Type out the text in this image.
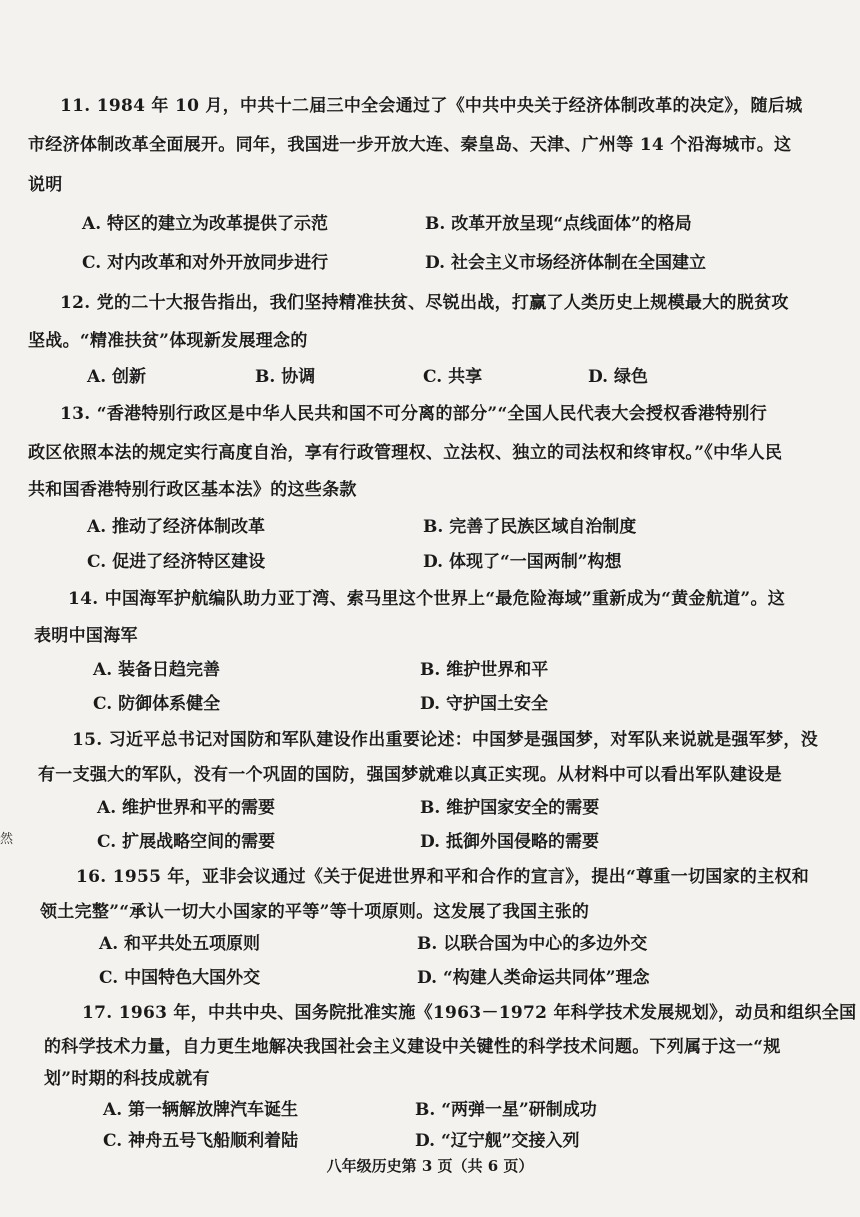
11. 1984 年 10 月，中共十二届三中全会通过了《中共中央关于经济体制改革的决定》，随后城
市经济体制改革全面展开。同年，我国进一步开放大连、秦皇岛、天津、广州等 14 个沿海城市。这
说明
A. 特区的建立为改革提供了示范	B. 改革开放呈现“点线面体”的格局
C. 对内改革和对外开放同步进行	D. 社会主义市场经济体制在全国建立
12. 党的二十大报告指出，我们坚持精准扶贫、尽锐出战，打赢了人类历史上规模最大的脱贫攻
坚战。“精准扶贫”体现新发展理念的
A. 创新	B. 协调	C. 共享	D. 绿色
13. “香港特别行政区是中华人民共和国不可分离的部分”“全国人民代表大会授权香港特别行
政区依照本法的规定实行高度自治，享有行政管理权、立法权、独立的司法权和终审权。”《中华人民
共和国香港特别行政区基本法》的这些条款
A. 推动了经济体制改革	B. 完善了民族区域自治制度
C. 促进了经济特区建设	D. 体现了“一国两制”构想
14. 中国海军护航编队助力亚丁湾、索马里这个世界上“最危险海域”重新成为“黄金航道”。这
表明中国海军
A. 装备日趋完善	B. 维护世界和平
C. 防御体系健全	D. 守护国土安全
15. 习近平总书记对国防和军队建设作出重要论述：中国梦是强国梦，对军队来说就是强军梦，没
有一支强大的军队，没有一个巩固的国防，强国梦就难以真正实现。从材料中可以看出军队建设是
A. 维护世界和平的需要	B. 维护国家安全的需要
C. 扩展战略空间的需要	D. 抵御外国侵略的需要
16. 1955 年，亚非会议通过《关于促进世界和平和合作的宣言》，提出“尊重一切国家的主权和
领土完整”“承认一切大小国家的平等”等十项原则。这发展了我国主张的
A. 和平共处五项原则	B. 以联合国为中心的多边外交
C. 中国特色大国外交	D. “构建人类命运共同体”理念
17. 1963 年，中共中央、国务院批准实施《1963－1972 年科学技术发展规划》，动员和组织全国
的科学技术力量，自力更生地解决我国社会主义建设中关键性的科学技术问题。下列属于这一“规
划”时期的科技成就有
A. 第一辆解放牌汽车诞生	B. “两弹一星”研制成功
C. 神舟五号飞船顺利着陆	D. “辽宁舰”交接入列
然
八年级历史第 3 页（共 6 页）
